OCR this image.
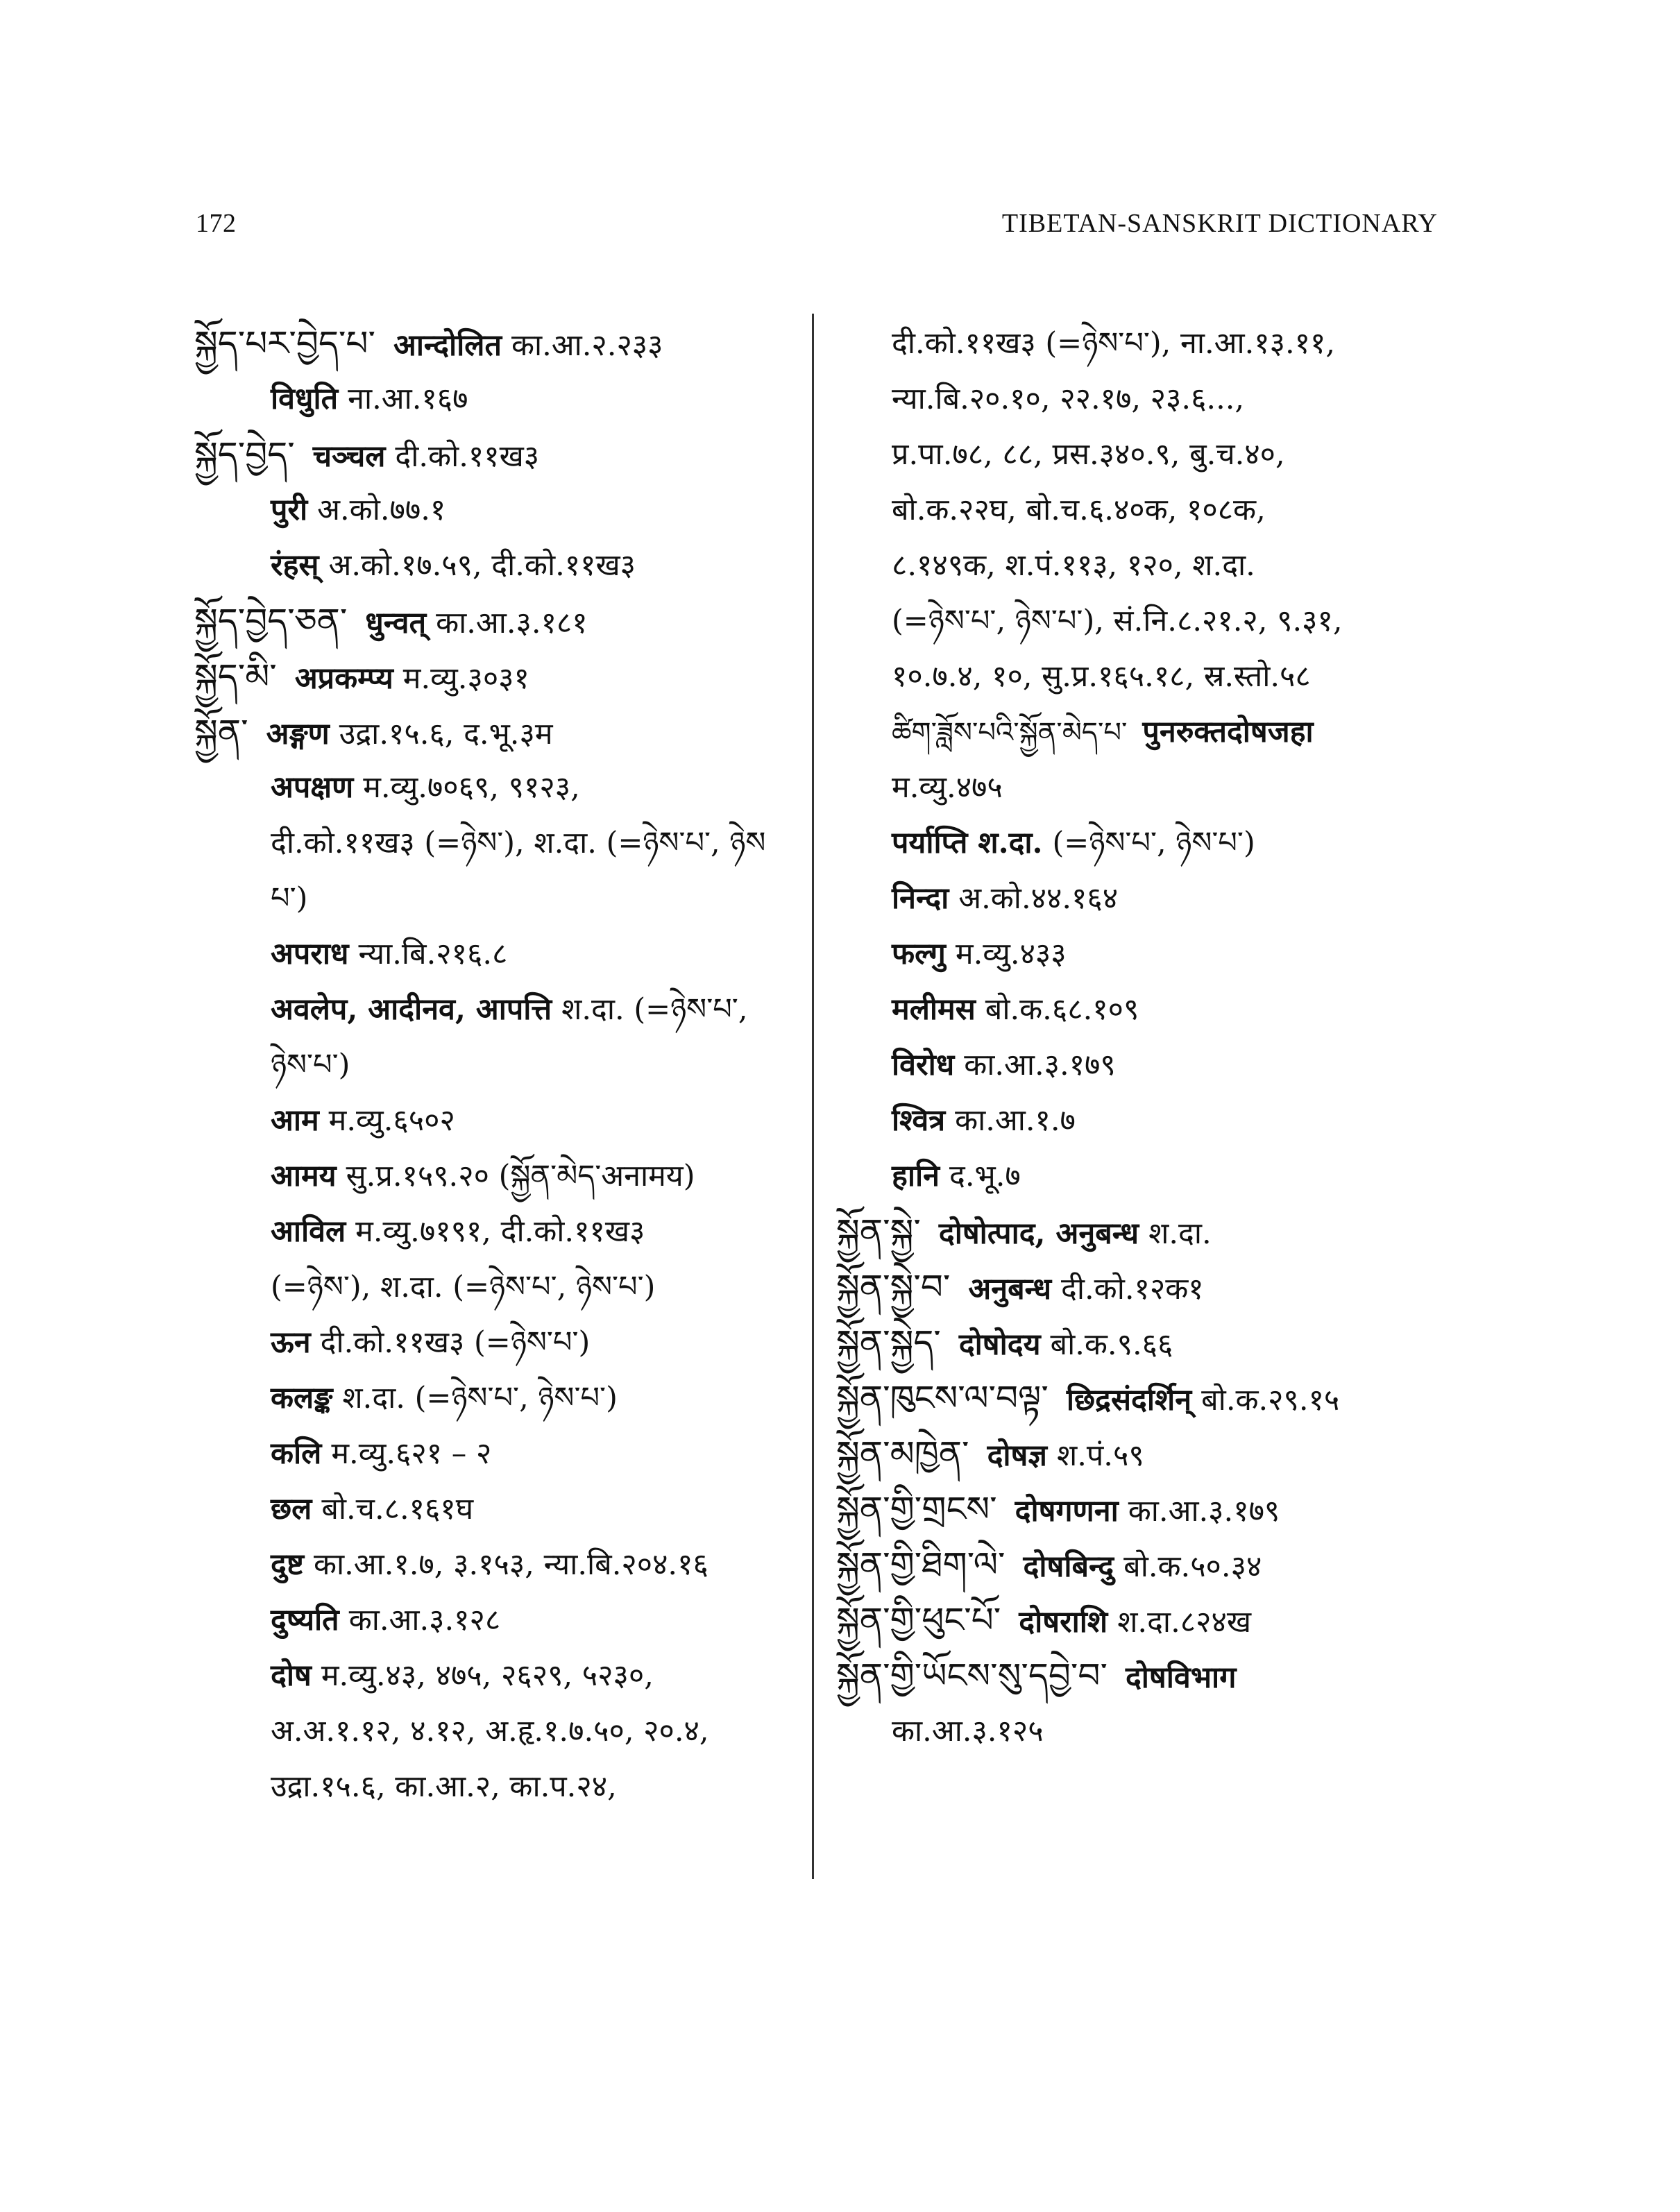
172	TIBETAN-SANSKRIT DICTIONARY
སྐྱོད་པར་བྱེད་པ་ आन्दोलित का.आ.२.२३३
विधुति ना.आ.१६७
སྐྱོད་བྱེད་ चञ्चल दी.को.११ख३
पुरी अ.को.७७.१
रंहस् अ.को.१७.५९, दी.को.११ख३
སྐྱོད་བྱེད་ཅན་ धुन्वत् का.आ.३.१८१
སྐྱོད་མི་ अप्रकम्प्य म.व्यु.३०३१
སྐྱོན་ अङ्गण उद्रा.१५.६, द.भू.३म
अपक्षण म.व्यु.७०६९, ९१२३,
दी.को.११ख३ (=ཉེས་), श.दा. (=ཉེས་པ་, ཉེས
པ་)
अपराध न्या.बि.२१६.८
अवलेप, आदीनव, आपत्ति श.दा. (=ཉེས་པ་,
ཉེས་པ་)
आम म.व्यु.६५०२
आमय सु.प्र.१५९.२० (སྐྱོན་མེད་अनामय)
आविल म.व्यु.७१९१, दी.को.११ख३
(=ཉེས་), श.दा. (=ཉེས་པ་, ཉེས་པ་)
ऊन दी.को.११ख३ (=ཉེས་པ་)
कलङ्क श.दा. (=ཉེས་པ་, ཉེས་པ་)
कलि म.व्यु.६२१ – २
छल बो.च.८.१६१घ
दुष्ट का.आ.१.७, ३.१५३, न्या.बि.२०४.१६
दुष्यति का.आ.३.१२८
दोष म.व्यु.४३, ४७५, २६२९, ५२३०,
अ.अ.१.१२, ४.१२, अ.हृ.१.७.५०, २०.४,
उद्रा.१५.६, का.आ.२, का.प.२४,
दी.को.११ख३ (=ཉེས་པ་), ना.आ.१३.११,
न्या.बि.२०.१०, २२.१७, २३.६...,
प्र.पा.७८, ८८, प्रस.३४०.९, बु.च.४०,
बो.क.२२घ, बो.च.६.४०क, १०८क,
८.१४९क, श.पं.११३, १२०, श.दा.
(=ཉེས་པ་, ཉེས་པ་), सं.नि.८.२१.२, ९.३१,
१०.७.४, १०, सु.प्र.१६५.१८, स्र.स्तो.५८
ཚིག་ཟློས་པའི་སྐྱོན་མེད་པ་ पुनरुक्तदोषजहा
म.व्यु.४७५
पर्याप्ति श.दा. (=ཉེས་པ་, ཉེས་པ་)
निन्दा अ.को.४४.१६४
फल्गु म.व्यु.४३३
मलीमस बो.क.६८.१०९
विरोध का.आ.३.१७९
श्वित्र का.आ.१.७
हानि द.भू.७
སྐྱོན་སྐྱེ་ दोषोत्पाद, अनुबन्ध श.दा.
སྐྱོན་སྐྱེ་བ་ अनुबन्ध दी.को.१२क१
སྐྱོན་སྐྱེད་ दोषोदय बो.क.९.६६
སྐྱོན་ཁུངས་ལ་བལྟ་ छिद्रसंदर्शिन् बो.क.२९.१५
སྐྱོན་མཁྱེན་ दोषज्ञ श.पं.५९
སྐྱོན་གྱི་གྲངས་ दोषगणना का.आ.३.१७९
སྐྱོན་གྱི་ཐིག་ལེ་ दोषबिन्दु बो.क.५०.३४
སྐྱོན་གྱི་ཕུང་པོ་ दोषराशि श.दा.८२४ख
སྐྱོན་གྱི་ཡོངས་སུ་དབྱེ་བ་ दोषविभाग
का.आ.३.१२५
